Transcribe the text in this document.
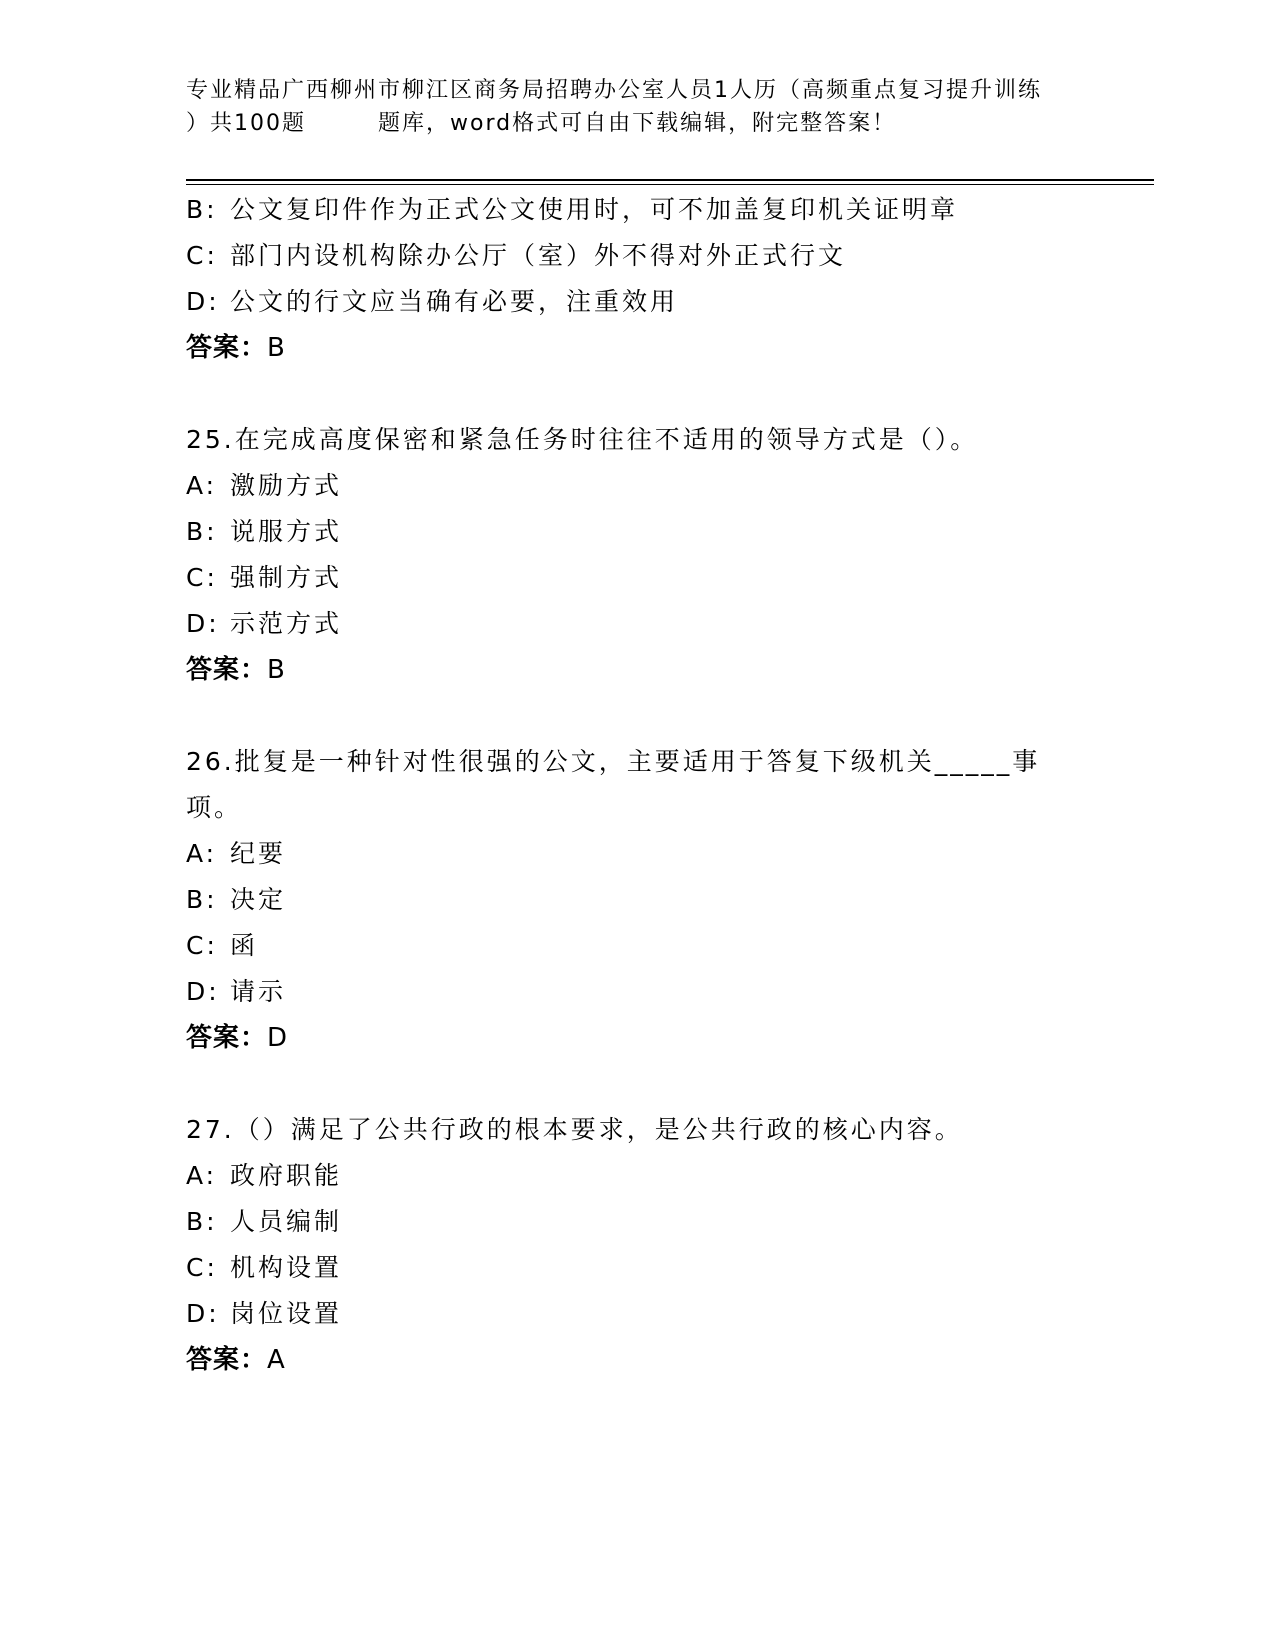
专业精品广西柳州市柳江区商务局招聘办公室人员1人历（高频重点复习提升训练
）共100题	题库，word格式可自由下载编辑，附完整答案！
B: 公文复印件作为正式公文使用时，可不加盖复印机关证明章
C: 部门内设机构除办公厅（室）外不得对外正式行文
D: 公文的行文应当确有必要，注重效用
答案：B
25.在完成高度保密和紧急任务时往往不适用的领导方式是（）。
A: 激励方式
B: 说服方式
C: 强制方式
D: 示范方式
答案：B
26.批复是一种针对性很强的公文，主要适用于答复下级机关_____事项。
A: 纪要
B: 决定
C: 函
D: 请示
答案：D
27.（）满足了公共行政的根本要求，是公共行政的核心内容。
A: 政府职能
B: 人员编制
C: 机构设置
D: 岗位设置
答案：A
